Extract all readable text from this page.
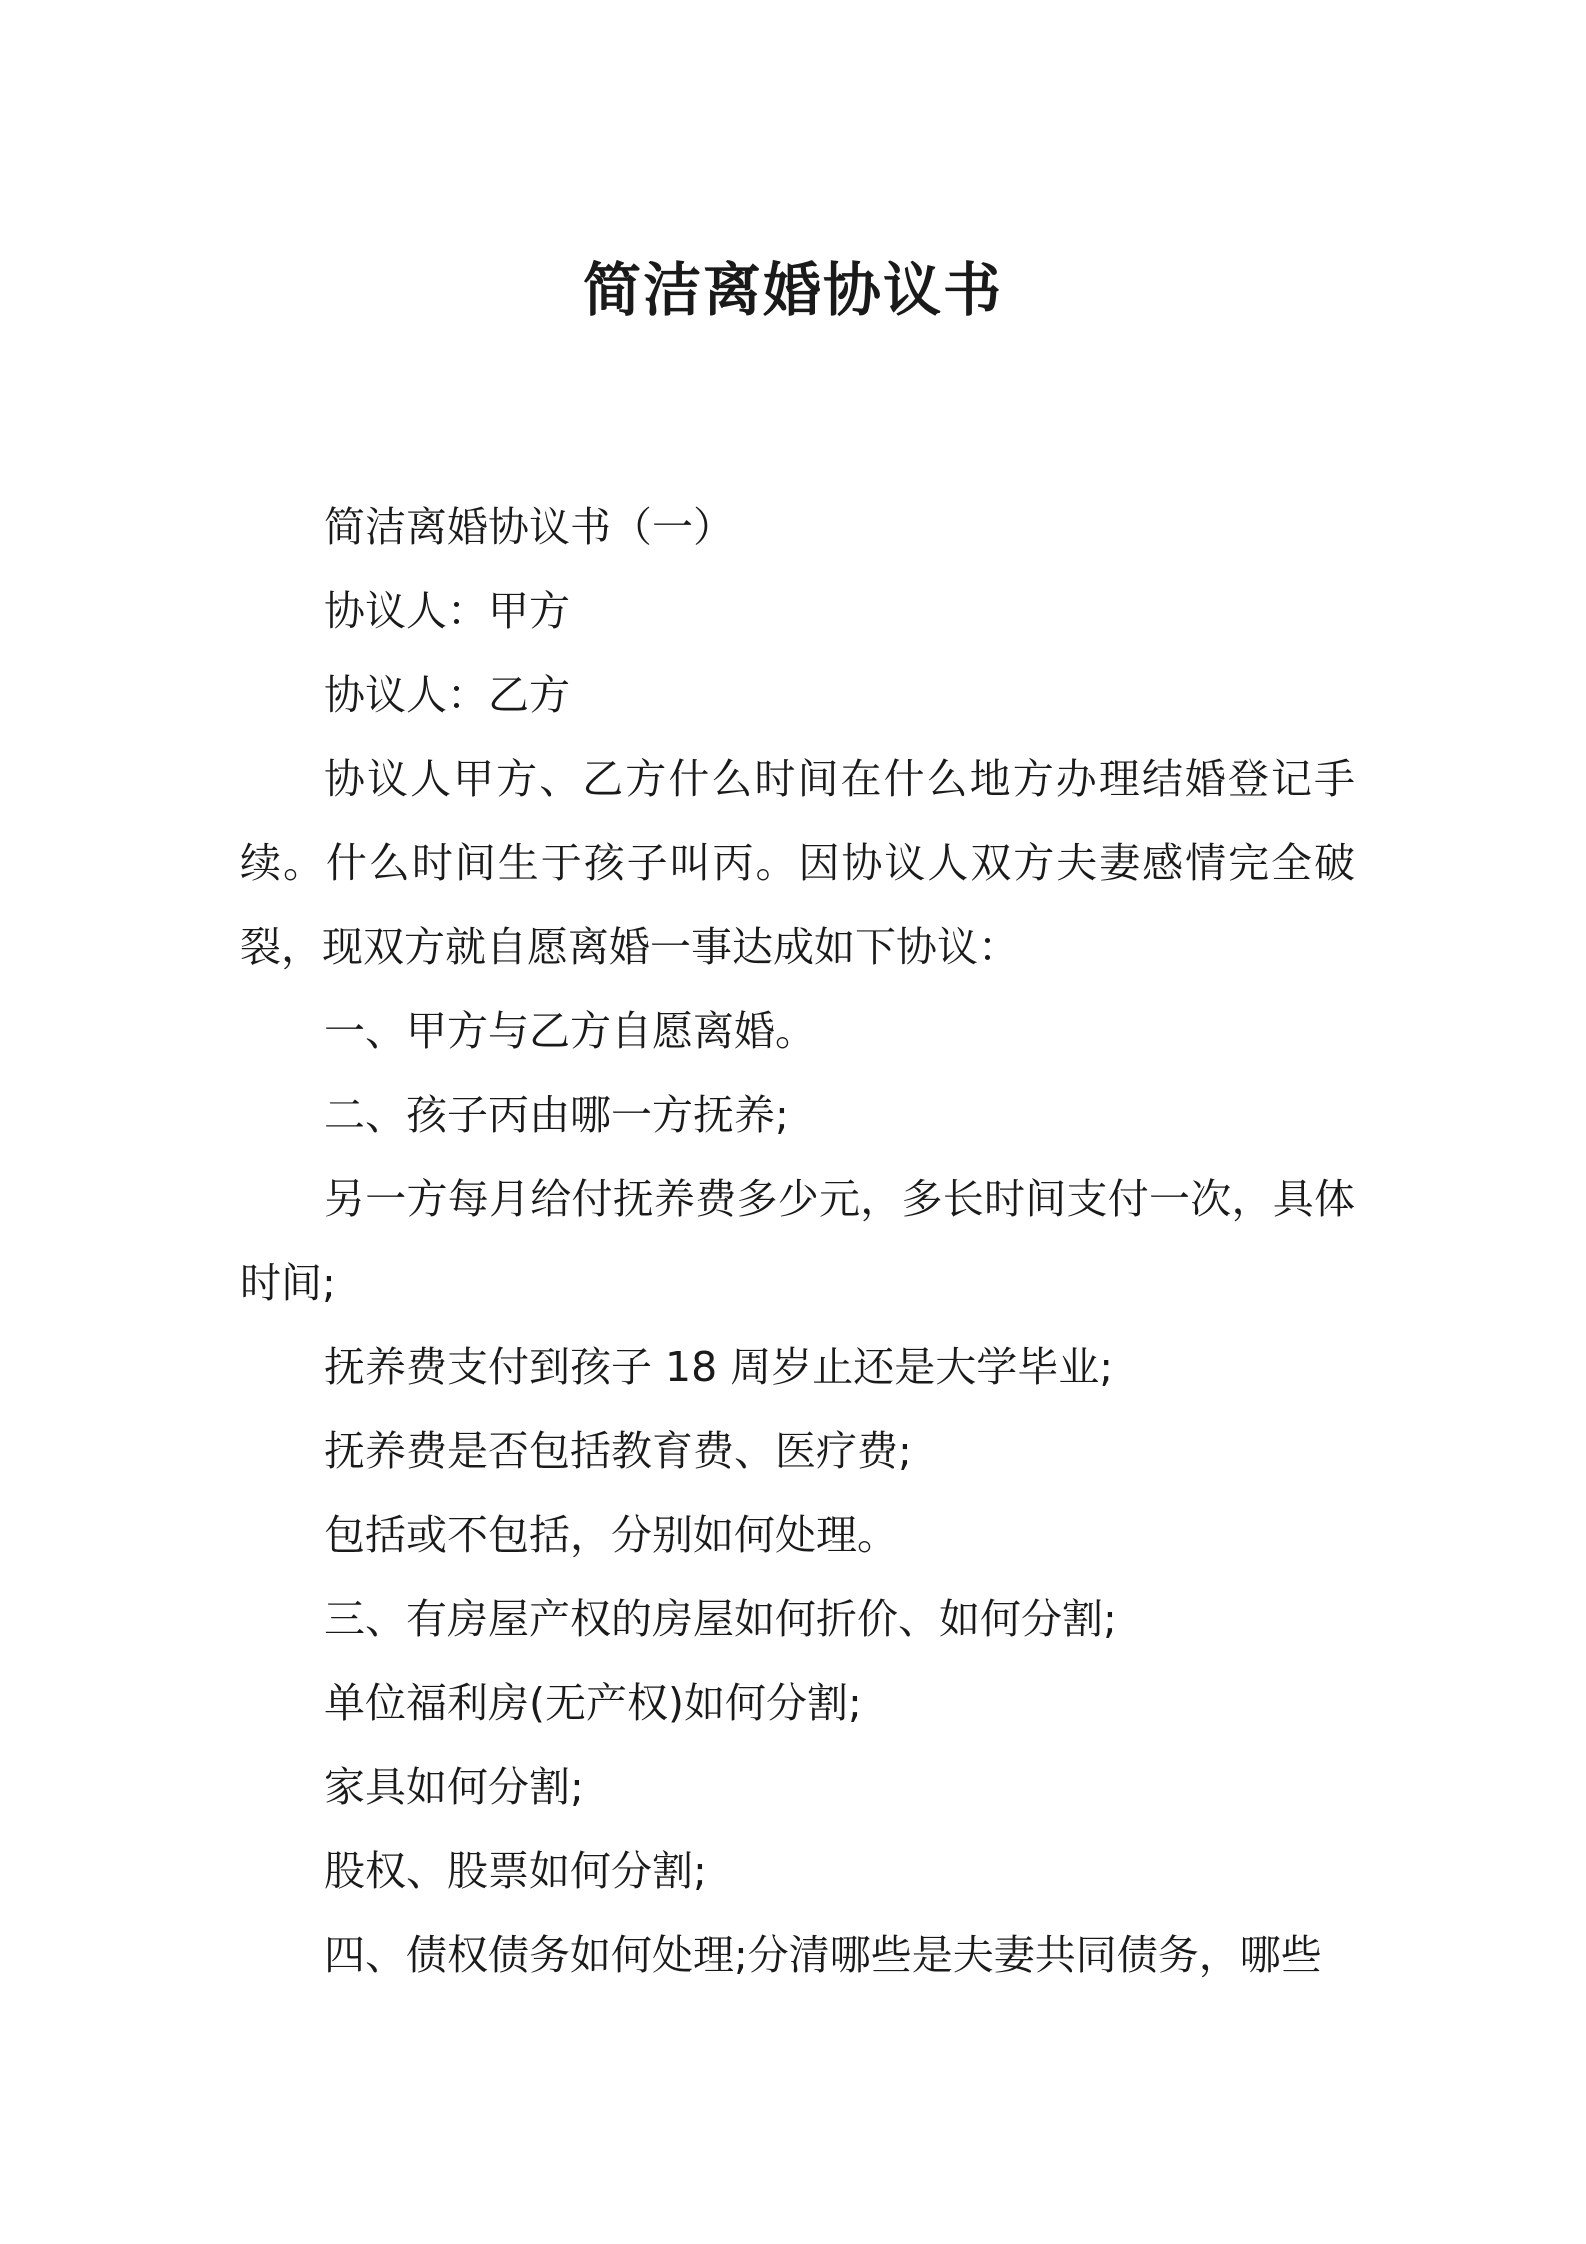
简洁离婚协议书

简洁离婚协议书（一）

协议人：甲方

协议人：乙方

协议人甲方、乙方什么时间在什么地方办理结婚登记手续。什么时间生于孩子叫丙。因协议人双方夫妻感情完全破裂，现双方就自愿离婚一事达成如下协议：

一、甲方与乙方自愿离婚。

二、孩子丙由哪一方抚养;

另一方每月给付抚养费多少元，多长时间支付一次，具体时间;

抚养费支付到孩子 18 周岁止还是大学毕业;

抚养费是否包括教育费、医疗费;

包括或不包括，分别如何处理。

三、有房屋产权的房屋如何折价、如何分割;

单位福利房(无产权)如何分割;

家具如何分割;

股权、股票如何分割;

四、债权债务如何处理;分清哪些是夫妻共同债务，哪些
